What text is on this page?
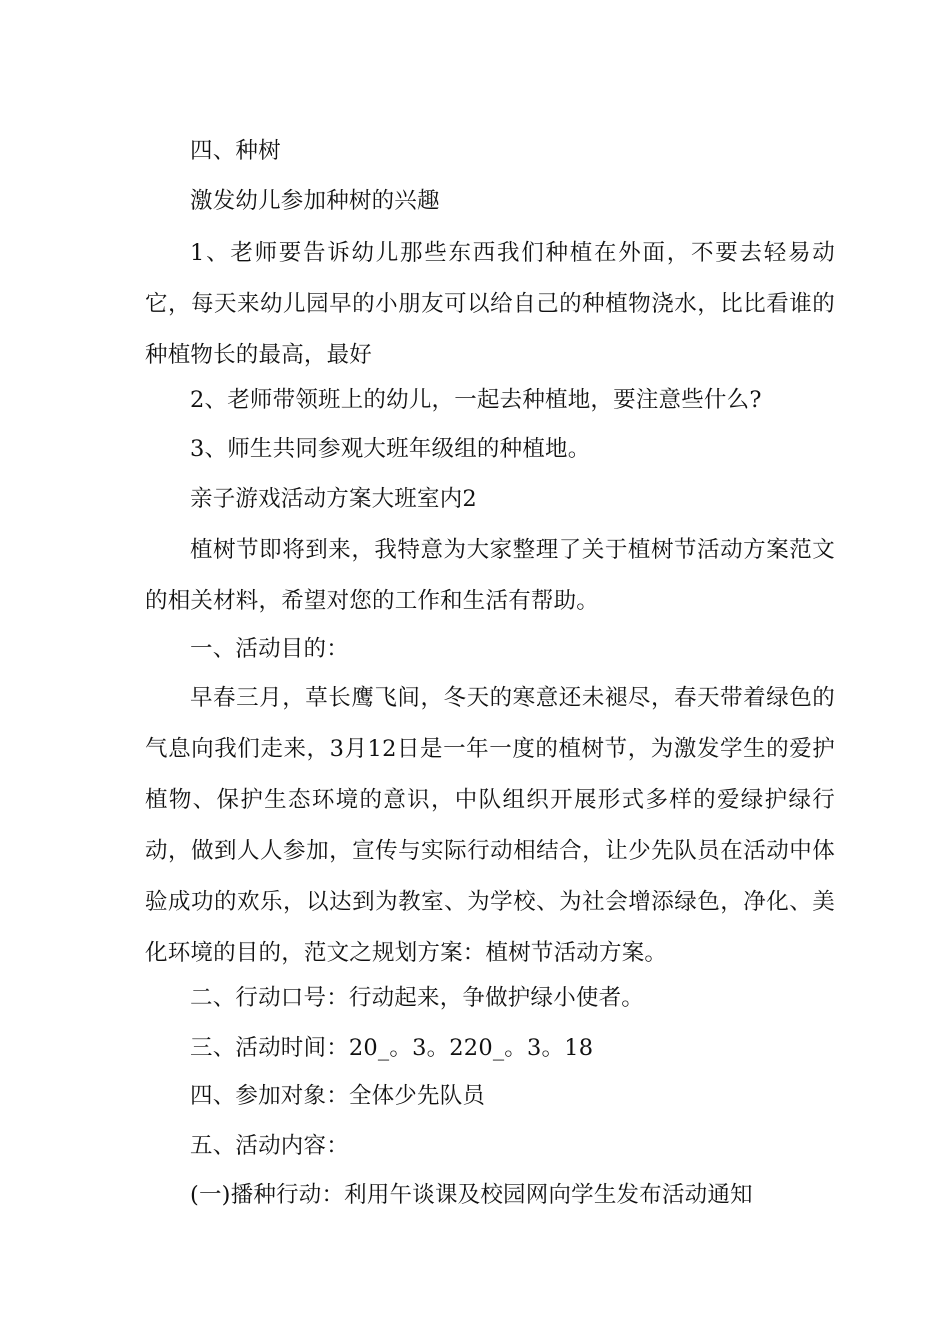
四、种树

激发幼儿参加种树的兴趣

1、老师要告诉幼儿那些东西我们种植在外面，不要去轻易动它，每天来幼儿园早的小朋友可以给自己的种植物浇水，比比看谁的种植物长的最高，最好

2、老师带领班上的幼儿，一起去种植地，要注意些什么?

3、师生共同参观大班年级组的种植地。

亲子游戏活动方案大班室内2

植树节即将到来，我特意为大家整理了关于植树节活动方案范文的相关材料，希望对您的工作和生活有帮助。

一、活动目的：

早春三月，草长鹰飞间，冬天的寒意还未褪尽，春天带着绿色的气息向我们走来，3月12日是一年一度的植树节，为激发学生的爱护植物、保护生态环境的意识，中队组织开展形式多样的爱绿护绿行动，做到人人参加，宣传与实际行动相结合，让少先队员在活动中体验成功的欢乐，以达到为教室、为学校、为社会增添绿色，净化、美化环境的目的，范文之规划方案：植树节活动方案。

二、行动口号：行动起来，争做护绿小使者。

三、活动时间：20_。3。220_。3。18

四、参加对象：全体少先队员

五、活动内容：

(一)播种行动：利用午谈课及校园网向学生发布活动通知
